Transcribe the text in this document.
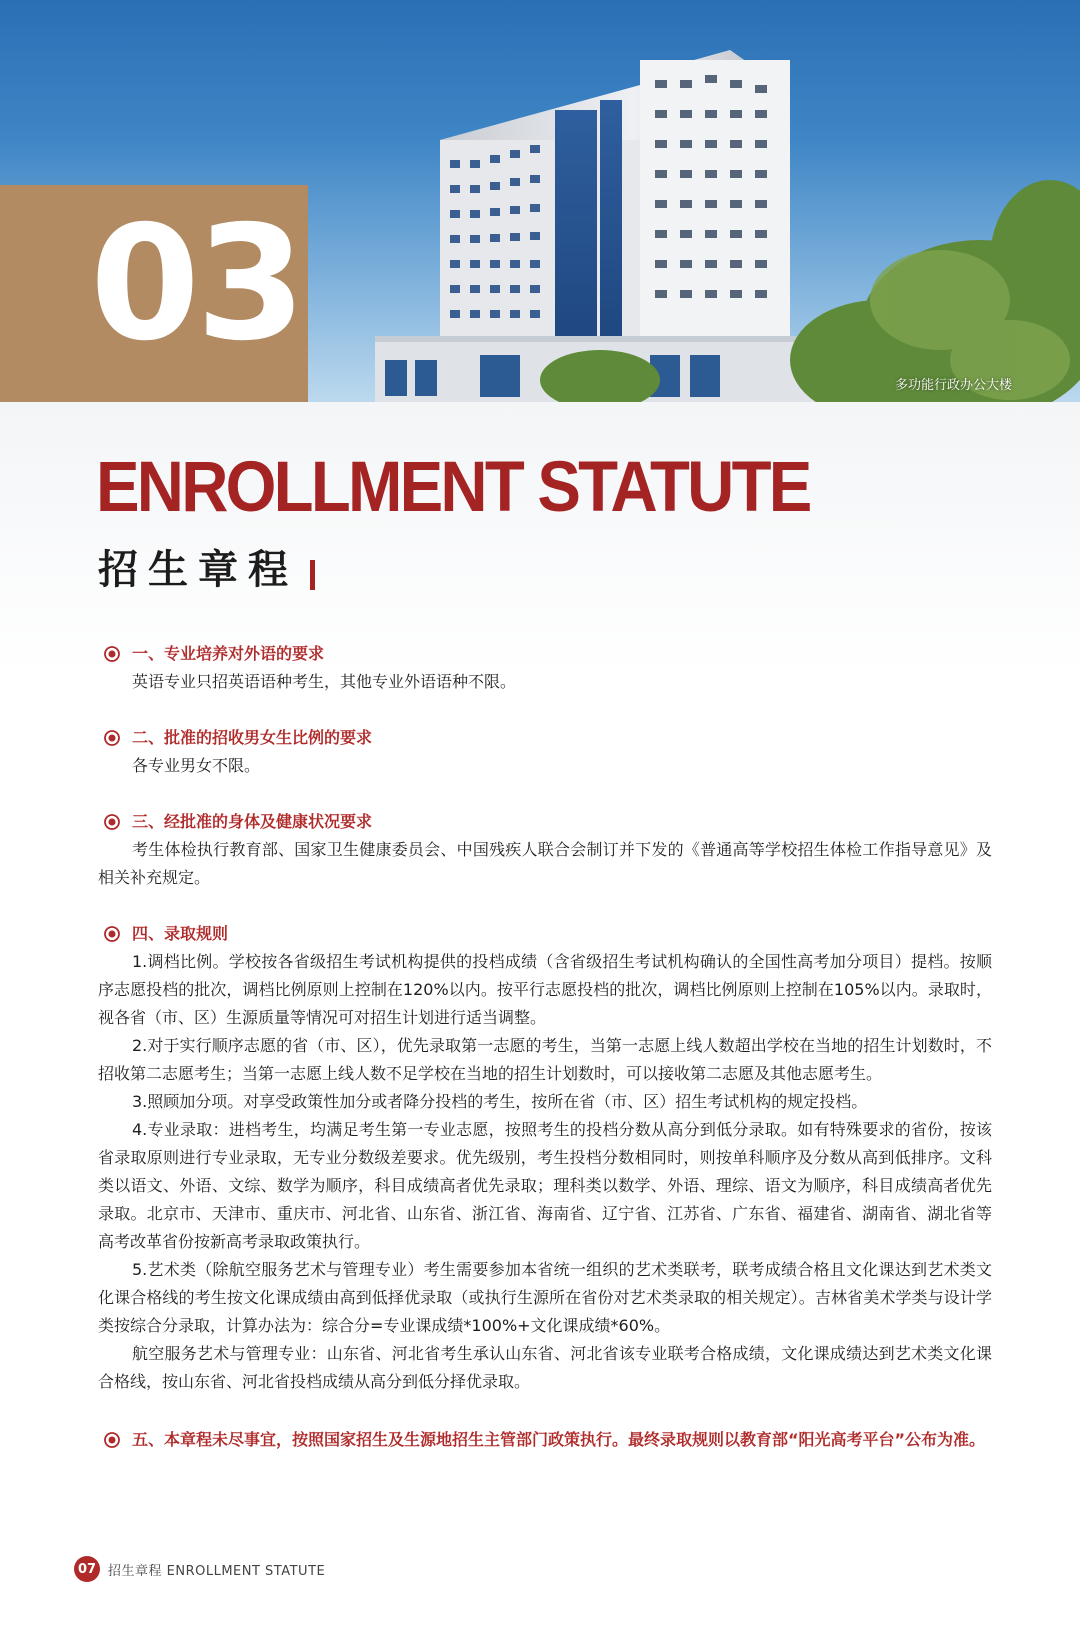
03
多功能行政办公大楼
ENROLLMENT STATUTE
招生章程
一、专业培养对外语的要求

英语专业只招英语语种考生，其他专业外语语种不限。

二、批准的招收男女生比例的要求

各专业男女不限。

三、经批准的身体及健康状况要求

考生体检执行教育部、国家卫生健康委员会、中国残疾人联合会制订并下发的《普通高等学校招生体检工作指导意见》及相关补充规定。

四、录取规则

1.调档比例。学校按各省级招生考试机构提供的投档成绩（含省级招生考试机构确认的全国性高考加分项目）提档。按顺序志愿投档的批次，调档比例原则上控制在120%以内。按平行志愿投档的批次，调档比例原则上控制在105%以内。录取时，视各省（市、区）生源质量等情况可对招生计划进行适当调整。

2.对于实行顺序志愿的省（市、区），优先录取第一志愿的考生，当第一志愿上线人数超出学校在当地的招生计划数时，不招收第二志愿考生；当第一志愿上线人数不足学校在当地的招生计划数时，可以接收第二志愿及其他志愿考生。

3.照顾加分项。对享受政策性加分或者降分投档的考生，按所在省（市、区）招生考试机构的规定投档。

4.专业录取：进档考生，均满足考生第一专业志愿，按照考生的投档分数从高分到低分录取。如有特殊要求的省份，按该省录取原则进行专业录取，无专业分数级差要求。优先级别，考生投档分数相同时，则按单科顺序及分数从高到低排序。文科类以语文、外语、文综、数学为顺序，科目成绩高者优先录取；理科类以数学、外语、理综、语文为顺序，科目成绩高者优先录取。北京市、天津市、重庆市、河北省、山东省、浙江省、海南省、辽宁省、江苏省、广东省、福建省、湖南省、湖北省等高考改革省份按新高考录取政策执行。

5.艺术类（除航空服务艺术与管理专业）考生需要参加本省统一组织的艺术类联考，联考成绩合格且文化课达到艺术类文化课合格线的考生按文化课成绩由高到低择优录取（或执行生源所在省份对艺术类录取的相关规定）。吉林省美术学类与设计学类按综合分录取，计算办法为：综合分=专业课成绩*100%+文化课成绩*60%。

航空服务艺术与管理专业：山东省、河北省考生承认山东省、河北省该专业联考合格成绩，文化课成绩达到艺术类文化课合格线，按山东省、河北省投档成绩从高分到低分择优录取。

五、本章程未尽事宜，按照国家招生及生源地招生主管部门政策执行。最终录取规则以教育部“阳光高考平台”公布为准。
07 招生章程 ENROLLMENT STATUTE
